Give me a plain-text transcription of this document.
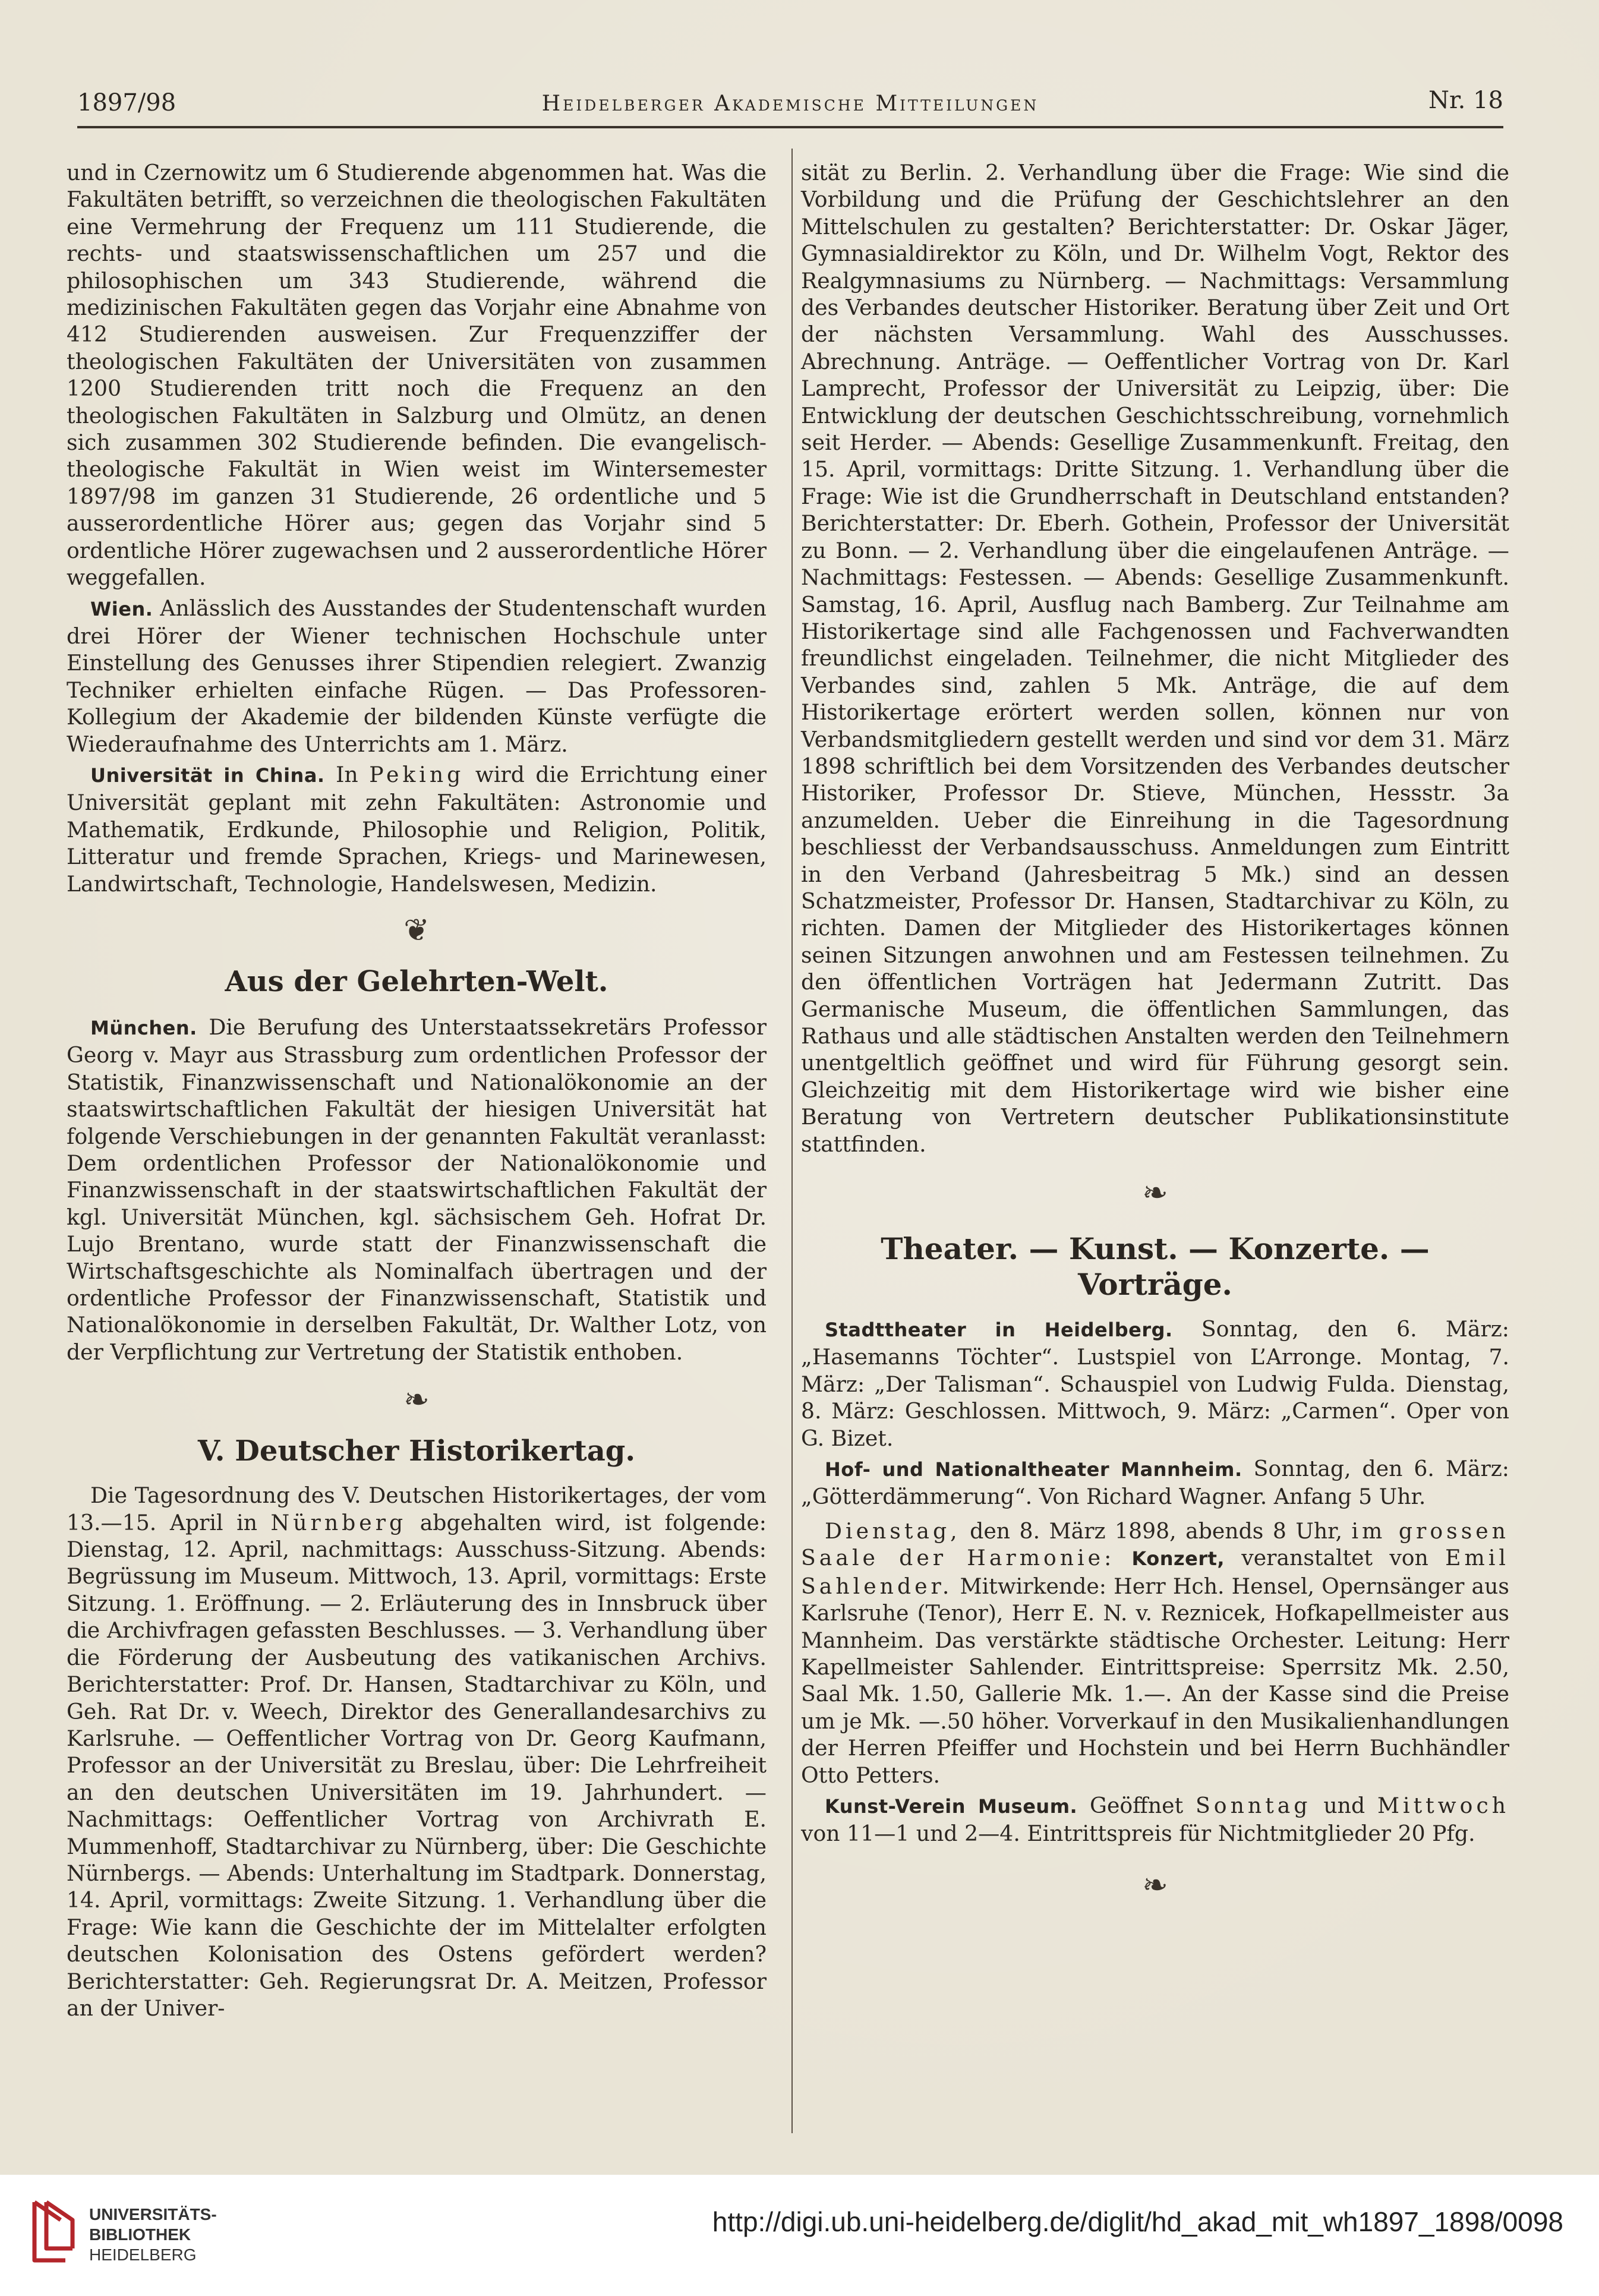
1897/98	Heidelberger Akademische Mitteilungen	Nr. 18

und in Czernowitz um 6 Studierende abgenommen hat. Was die Fakultäten betrifft, so verzeichnen die theologischen Fakultäten eine Vermehrung der Frequenz um 111 Studierende, die rechts- und staatswissenschaftlichen um 257 und die philosophischen um 343 Studierende, während die medizinischen Fakultäten gegen das Vorjahr eine Abnahme von 412 Studierenden ausweisen. Zur Frequenzziffer der theologischen Fakultäten der Universitäten von zusammen 1200 Studierenden tritt noch die Frequenz an den theologischen Fakultäten in Salzburg und Olmütz, an denen sich zusammen 302 Studierende befinden. Die evangelisch-theologische Fakultät in Wien weist im Wintersemester 1897/98 im ganzen 31 Studierende, 26 ordentliche und 5 ausserordentliche Hörer aus; gegen das Vorjahr sind 5 ordentliche Hörer zugewachsen und 2 ausserordentliche Hörer weggefallen.

Wien. Anlässlich des Ausstandes der Studentenschaft wurden drei Hörer der Wiener technischen Hochschule unter Einstellung des Genusses ihrer Stipendien relegiert. Zwanzig Techniker erhielten einfache Rügen. — Das Professoren-Kollegium der Akademie der bildenden Künste verfügte die Wiederaufnahme des Unterrichts am 1. März.

Universität in China. In Peking wird die Errichtung einer Universität geplant mit zehn Fakultäten: Astronomie und Mathematik, Erdkunde, Philosophie und Religion, Politik, Litteratur und fremde Sprachen, Kriegs- und Marinewesen, Landwirtschaft, Technologie, Handelswesen, Medizin.

❦
Aus der Gelehrten-Welt.

München. Die Berufung des Unterstaatssekretärs Professor Georg v. Mayr aus Strassburg zum ordentlichen Professor der Statistik, Finanzwissenschaft und Nationalökonomie an der staatswirtschaftlichen Fakultät der hiesigen Universität hat folgende Verschiebungen in der genannten Fakultät veranlasst: Dem ordentlichen Professor der Nationalökonomie und Finanzwissenschaft in der staatswirtschaftlichen Fakultät der kgl. Universität München, kgl. sächsischem Geh. Hofrat Dr. Lujo Brentano, wurde statt der Finanzwissenschaft die Wirtschaftsgeschichte als Nominalfach übertragen und der ordentliche Professor der Finanzwissenschaft, Statistik und Nationalökonomie in derselben Fakultät, Dr. Walther Lotz, von der Verpflichtung zur Vertretung der Statistik enthoben.

❧
V. Deutscher Historikertag.

Die Tagesordnung des V. Deutschen Historikertages, der vom 13.—15. April in Nürnberg abgehalten wird, ist folgende: Dienstag, 12. April, nachmittags: Ausschuss-Sitzung. Abends: Begrüssung im Museum. Mittwoch, 13. April, vormittags: Erste Sitzung. 1. Eröffnung. — 2. Erläuterung des in Innsbruck über die Archivfragen gefassten Beschlusses. — 3. Verhandlung über die Förderung der Ausbeutung des vatikanischen Archivs. Berichterstatter: Prof. Dr. Hansen, Stadtarchivar zu Köln, und Geh. Rat Dr. v. Weech, Direktor des Generallandesarchivs zu Karlsruhe. — Oeffentlicher Vortrag von Dr. Georg Kaufmann, Professor an der Universität zu Breslau, über: Die Lehrfreiheit an den deutschen Universitäten im 19. Jahrhundert. — Nachmittags: Oeffentlicher Vortrag von Archivrath E. Mummenhoff, Stadtarchivar zu Nürnberg, über: Die Geschichte Nürnbergs. — Abends: Unterhaltung im Stadtpark. Donnerstag, 14. April, vormittags: Zweite Sitzung. 1. Verhandlung über die Frage: Wie kann die Geschichte der im Mittelalter erfolgten deutschen Kolonisation des Ostens gefördert werden? Berichterstatter: Geh. Regierungsrat Dr. A. Meitzen, Professor an der Univer-

sität zu Berlin. 2. Verhandlung über die Frage: Wie sind die Vorbildung und die Prüfung der Geschichtslehrer an den Mittelschulen zu gestalten? Berichterstatter: Dr. Oskar Jäger, Gymnasialdirektor zu Köln, und Dr. Wilhelm Vogt, Rektor des Realgymnasiums zu Nürnberg. — Nachmittags: Versammlung des Verbandes deutscher Historiker. Beratung über Zeit und Ort der nächsten Versammlung. Wahl des Ausschusses. Abrechnung. Anträge. — Oeffentlicher Vortrag von Dr. Karl Lamprecht, Professor der Universität zu Leipzig, über: Die Entwicklung der deutschen Geschichtsschreibung, vornehmlich seit Herder. — Abends: Gesellige Zusammenkunft. Freitag, den 15. April, vormittags: Dritte Sitzung. 1. Verhandlung über die Frage: Wie ist die Grundherrschaft in Deutschland entstanden? Berichterstatter: Dr. Eberh. Gothein, Professor der Universität zu Bonn. — 2. Verhandlung über die eingelaufenen Anträge. — Nachmittags: Festessen. — Abends: Gesellige Zusammenkunft. Samstag, 16. April, Ausflug nach Bamberg. Zur Teilnahme am Historikertage sind alle Fachgenossen und Fachverwandten freundlichst eingeladen. Teilnehmer, die nicht Mitglieder des Verbandes sind, zahlen 5 Mk. Anträge, die auf dem Historikertage erörtert werden sollen, können nur von Verbandsmitgliedern gestellt werden und sind vor dem 31. März 1898 schriftlich bei dem Vorsitzenden des Verbandes deutscher Historiker, Professor Dr. Stieve, München, Hessstr. 3a anzumelden. Ueber die Einreihung in die Tagesordnung beschliesst der Verbandsausschuss. Anmeldungen zum Eintritt in den Verband (Jahresbeitrag 5 Mk.) sind an dessen Schatzmeister, Professor Dr. Hansen, Stadtarchivar zu Köln, zu richten. Damen der Mitglieder des Historikertages können seinen Sitzungen anwohnen und am Festessen teilnehmen. Zu den öffentlichen Vorträgen hat Jedermann Zutritt. Das Germanische Museum, die öffentlichen Sammlungen, das Rathaus und alle städtischen Anstalten werden den Teilnehmern unentgeltlich geöffnet und wird für Führung gesorgt sein. Gleichzeitig mit dem Historikertage wird wie bisher eine Beratung von Vertretern deutscher Publikationsinstitute stattfinden.

❧
Theater. — Kunst. — Konzerte. — Vorträge.

Stadttheater in Heidelberg. Sonntag, den 6. März: „Hasemanns Töchter“. Lustspiel von L’Arronge. Montag, 7. März: „Der Talisman“. Schauspiel von Ludwig Fulda. Dienstag, 8. März: Geschlossen. Mittwoch, 9. März: „Carmen“. Oper von G. Bizet.

Hof- und Nationaltheater Mannheim. Sonntag, den 6. März: „Götterdämmerung“. Von Richard Wagner. Anfang 5 Uhr.

Dienstag, den 8. März 1898, abends 8 Uhr, im grossen Saale der Harmonie: Konzert, veranstaltet von Emil Sahlender. Mitwirkende: Herr Hch. Hensel, Opernsänger aus Karlsruhe (Tenor), Herr E. N. v. Reznicek, Hofkapellmeister aus Mannheim. Das verstärkte städtische Orchester. Leitung: Herr Kapellmeister Sahlender. Eintrittspreise: Sperrsitz Mk. 2.50, Saal Mk. 1.50, Gallerie Mk. 1.—. An der Kasse sind die Preise um je Mk. —.50 höher. Vorverkauf in den Musikalienhandlungen der Herren Pfeiffer und Hochstein und bei Herrn Buchhändler Otto Petters.

Kunst-Verein Museum. Geöffnet Sonntag und Mittwoch von 11—1 und 2—4. Eintrittspreis für Nichtmitglieder 20 Pfg.

❧
UNIVERSITÄTS-
BIBLIOTHEK
HEIDELBERG
http://digi.ub.uni-heidelberg.de/diglit/hd_akad_mit_wh1897_1898/0098
